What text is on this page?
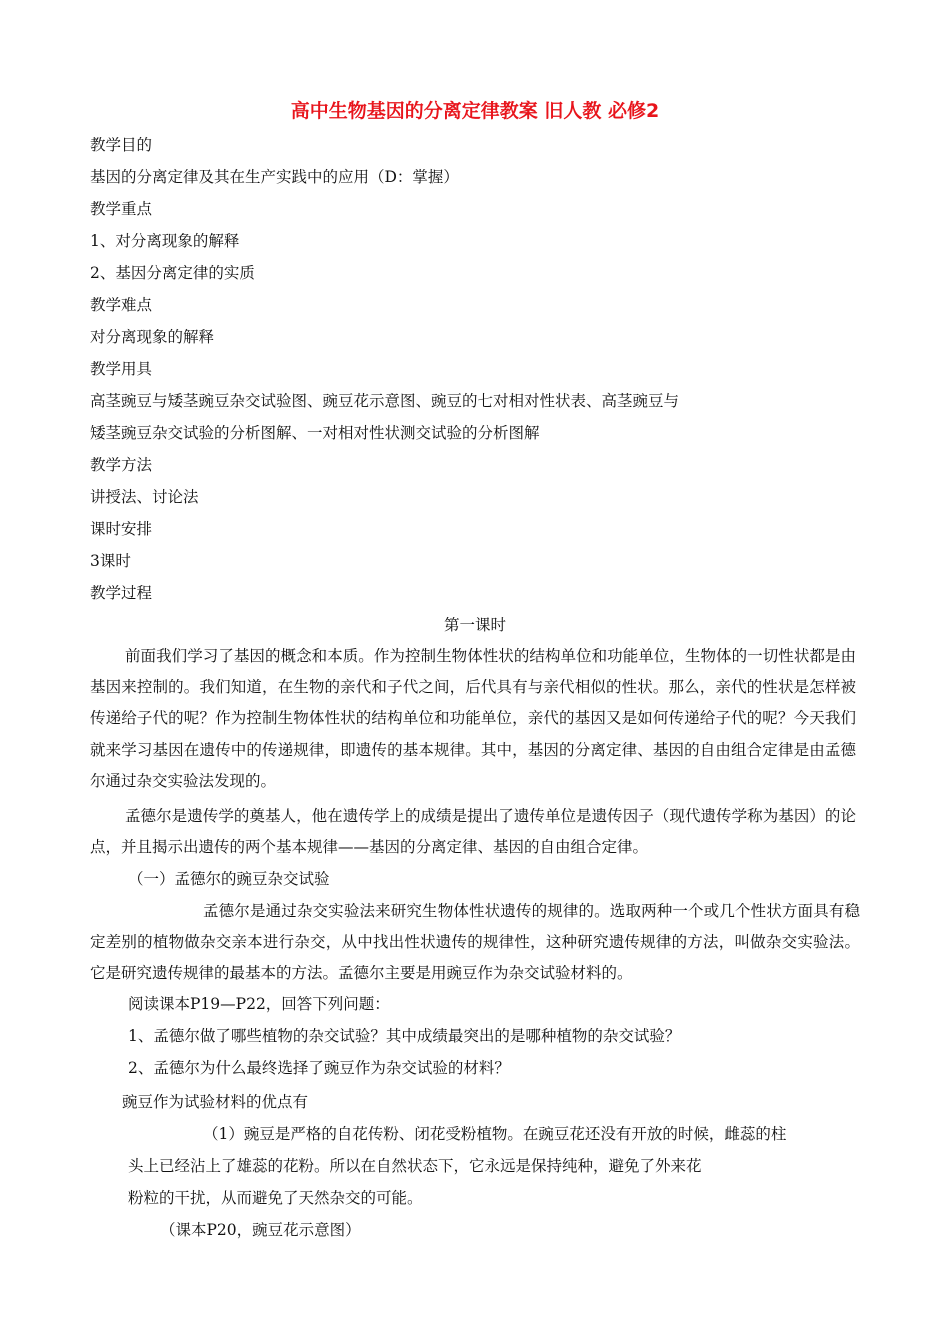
高中生物基因的分离定律教案 旧人教 必修2
教学目的
基因的分离定律及其在生产实践中的应用（D：掌握）
教学重点
1、对分离现象的解释
2、基因分离定律的实质
教学难点
对分离现象的解释
教学用具
高茎豌豆与矮茎豌豆杂交试验图、豌豆花示意图、豌豆的七对相对性状表、高茎豌豆与
矮茎豌豆杂交试验的分析图解、一对相对性状测交试验的分析图解
教学方法
讲授法、讨论法
课时安排
3课时
教学过程
第一课时

前面我们学习了基因的概念和本质。作为控制生物体性状的结构单位和功能单位，生物体的一切性状都是由基因来控制的。我们知道，在生物的亲代和子代之间，后代具有与亲代相似的性状。那么，亲代的性状是怎样被传递给子代的呢？作为控制生物体性状的结构单位和功能单位，亲代的基因又是如何传递给子代的呢？今天我们就来学习基因在遗传中的传递规律，即遗传的基本规律。其中，基因的分离定律、基因的自由组合定律是由孟德尔通过杂交实验法发现的。

孟德尔是遗传学的奠基人，他在遗传学上的成绩是提出了遗传单位是遗传因子（现代遗传学称为基因）的论点，并且揭示出遗传的两个基本规律——基因的分离定律、基因的自由组合定律。

（一）孟德尔的豌豆杂交试验

孟德尔是通过杂交实验法来研究生物体性状遗传的规律的。选取两种一个或几个性状方面具有稳定差别的植物做杂交亲本进行杂交，从中找出性状遗传的规律性，这种研究遗传规律的方法，叫做杂交实验法。它是研究遗传规律的最基本的方法。孟德尔主要是用豌豆作为杂交试验材料的。

阅读课本P19—P22，回答下列问题：
1、孟德尔做了哪些植物的杂交试验？其中成绩最突出的是哪种植物的杂交试验？
2、孟德尔为什么最终选择了豌豆作为杂交试验的材料？
豌豆作为试验材料的优点有
（1）豌豆是严格的自花传粉、闭花受粉植物。在豌豆花还没有开放的时候，雌蕊的柱
头上已经沾上了雄蕊的花粉。所以在自然状态下，它永远是保持纯种，避免了外来花
粉粒的干扰，从而避免了天然杂交的可能。
（课本P20，豌豆花示意图）
